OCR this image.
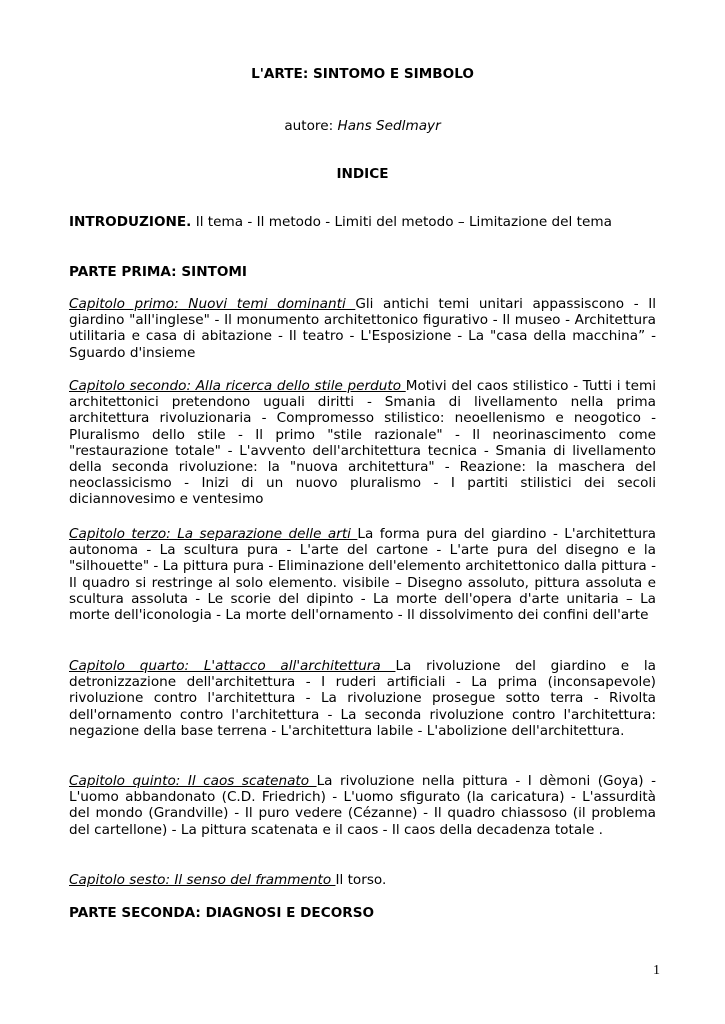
L'ARTE: SINTOMO E SIMBOLO
autore: Hans Sedlmayr
INDICE
INTRODUZIONE. Il tema - Il metodo - Limiti del metodo – Limitazione del tema
PARTE PRIMA: SINTOMI
Capitolo primo: Nuovi temi dominanti Gli antichi temi unitari appassiscono - Il giardino "all'inglese" - Il monumento architettonico figurativo - Il museo - Architettura utilitaria e casa di abitazione - Il teatro - L'Esposizione - La "casa della macchina” - Sguardo d'insieme
Capitolo secondo: Alla ricerca dello stile perduto Motivi del caos stilistico - Tutti i temi architettonici pretendono uguali diritti - Smania di livellamento nella prima architettura rivoluzionaria - Compromesso stilistico: neoellenismo e neogotico - Pluralismo dello stile - Il primo "stile razionale" - Il neorinascimento come "restaurazione totale" - L'avvento dell'architettura tecnica - Smania di livellamento della seconda rivoluzione: la "nuova architettura" - Reazione: la maschera del neoclassicismo - Inizi di un nuovo pluralismo - I partiti stilistici dei secoli diciannovesimo e ventesimo
Capitolo terzo: La separazione delle arti La forma pura del giardino - L'architettura autonoma - La scultura pura - L'arte del cartone - L'arte pura del disegno e la "silhouette" - La pittura pura - Eliminazione dell'elemento architettonico dalla pittura - Il quadro si restringe al solo elemento. visibile – Disegno assoluto, pittura assoluta e scultura assoluta - Le scorie del dipinto - La morte dell'opera d'arte unitaria – La morte dell'iconologia - La morte dell'ornamento - Il dissolvimento dei confini dell'arte
Capitolo quarto: L'attacco all'architettura La rivoluzione del giardino e la detronizzazione dell'architettura - I ruderi artificiali - La prima (inconsapevole) rivoluzione contro l'architettura - La rivoluzione prosegue sotto terra - Rivolta dell'ornamento contro l'architettura - La seconda rivoluzione contro l'architettura: negazione della base terrena - L'architettura labile - L'abolizione dell'architettura.
Capitolo quinto: Il caos scatenato La rivoluzione nella pittura - I dèmoni (Goya) - L'uomo abbandonato (C.D. Friedrich) - L'uomo sfigurato (la caricatura) - L'assurdità del mondo (Grandville) - Il puro vedere (Cézanne) - Il quadro chiassoso (il problema del cartellone) - La pittura scatenata e il caos - Il caos della decadenza totale .
Capitolo sesto: Il senso del frammento Il torso.
PARTE SECONDA: DIAGNOSI E DECORSO
1
